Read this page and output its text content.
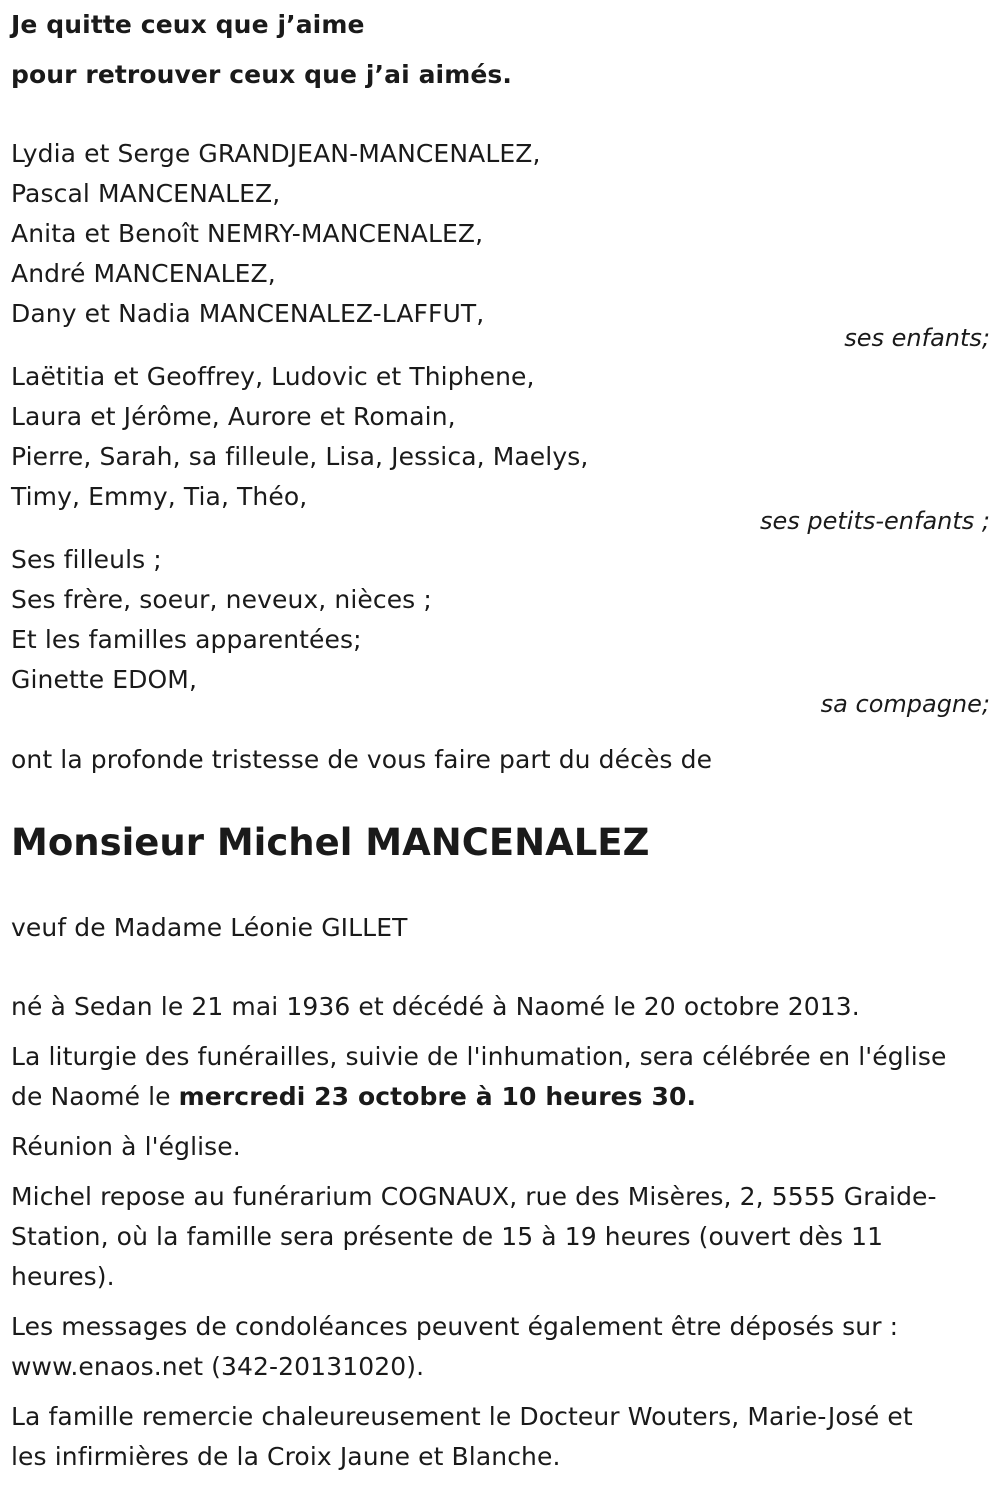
Je quitte ceux que j’aime
pour retrouver ceux que j’ai aimés.
Lydia et Serge GRANDJEAN-MANCENALEZ,
Pascal MANCENALEZ,
Anita et Benoît NEMRY-MANCENALEZ,
André MANCENALEZ,
Dany et Nadia MANCENALEZ-LAFFUT,
ses enfants;
Laëtitia et Geoffrey, Ludovic et Thiphene,
Laura et Jérôme, Aurore et Romain,
Pierre, Sarah, sa filleule, Lisa, Jessica, Maelys,
Timy, Emmy, Tia, Théo,
ses petits-enfants ;
Ses filleuls ;
Ses frère, soeur, neveux, nièces ;
Et les familles apparentées;
Ginette EDOM,
sa compagne;
ont la profonde tristesse de vous faire part du décès de
Monsieur Michel MANCENALEZ
veuf de Madame Léonie GILLET
né à Sedan le 21 mai 1936 et décédé à Naomé le 20 octobre 2013.
La liturgie des funérailles, suivie de l'inhumation, sera célébrée en l'église
de Naomé le mercredi 23 octobre à 10 heures 30.
Réunion à l'église.
Michel repose au funérarium COGNAUX, rue des Misères, 2, 5555 Graide-
Station, où la famille sera présente de 15 à 19 heures (ouvert dès 11
heures).
Les messages de condoléances peuvent également être déposés sur :
www.enaos.net (342-20131020).
La famille remercie chaleureusement le Docteur Wouters, Marie-José et
les infirmières de la Croix Jaune et Blanche.
